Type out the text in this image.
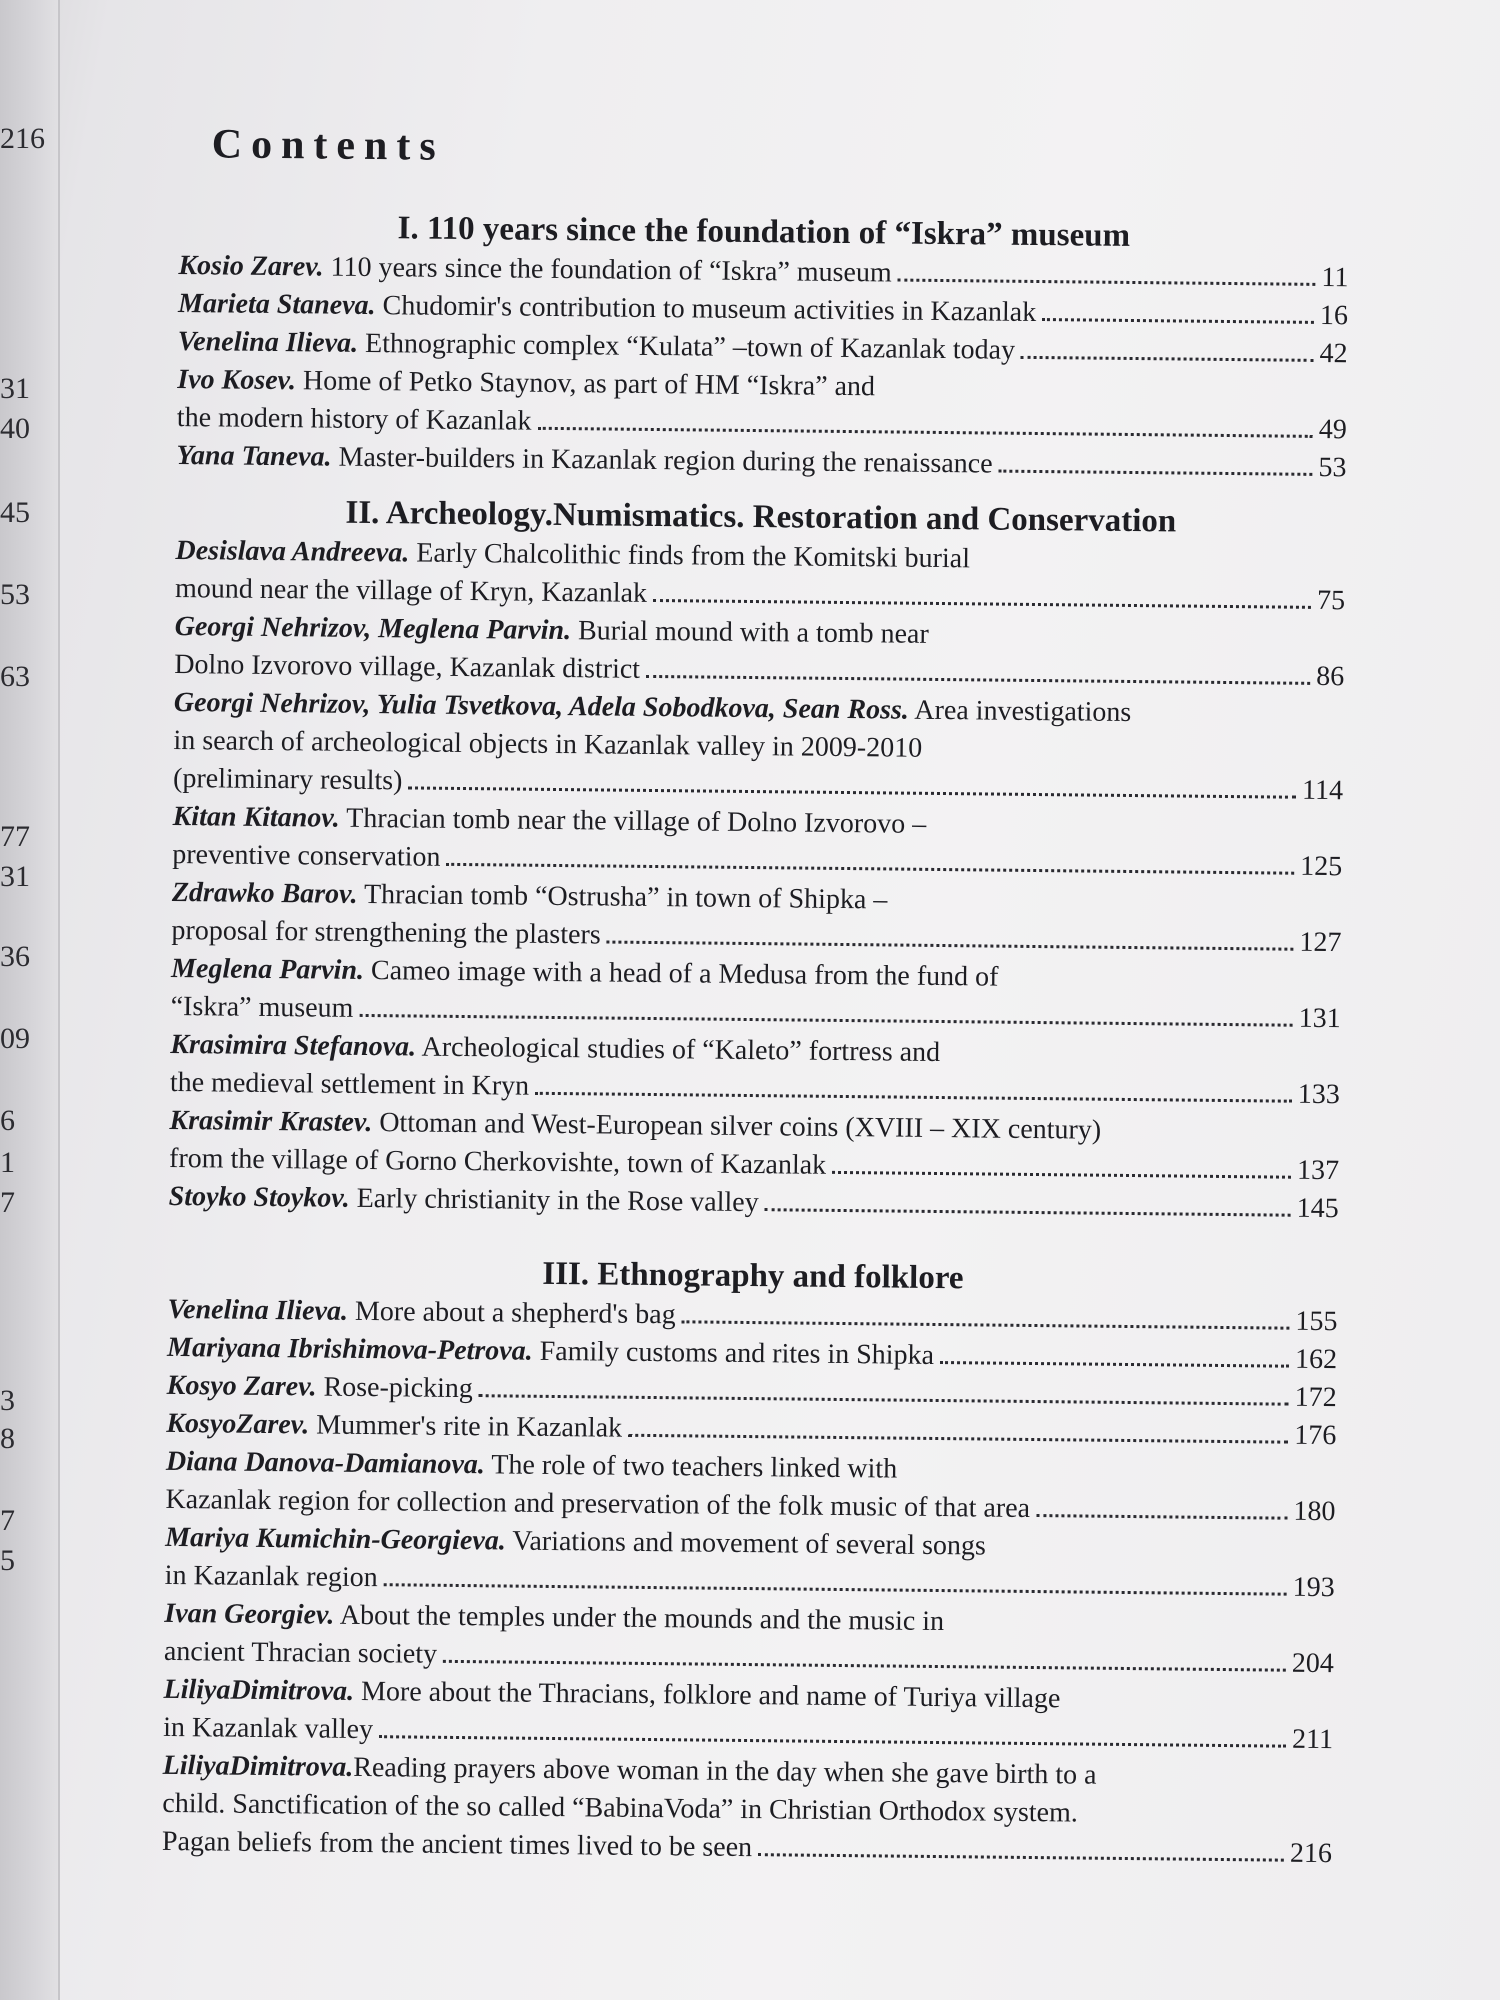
216
31
40
45
53
63
77
31
36
09
6
1
7
3
8
7
5
Contents
I. 110 years since the foundation of “Iskra” museum
Kosio Zarev. 110 years since the foundation of “Iskra” museum	11
Marieta Staneva. Chudomir's contribution to museum activities in Kazanlak	16
Venelina Ilieva. Ethnographic complex “Kulata” –town of Kazanlak today	42
Ivo Kosev. Home of Petko Staynov, as part of HM “Iskra” and
the modern history of Kazanlak	49
Yana Taneva. Master-builders in Kazanlak region during the renaissance	53
II. Archeology.Numismatics. Restoration and Conservation
Desislava Andreeva. Early Chalcolithic finds from the Komitski burial
mound near the village of Kryn, Kazanlak	75
Georgi Nehrizov, Meglena Parvin. Burial mound with a tomb near
Dolno Izvorovo village, Kazanlak district	86
Georgi Nehrizov, Yulia Tsvetkova, Adela Sobodkova, Sean Ross. Area investigations
in search of archeological objects in Kazanlak valley in 2009-2010
(preliminary results)	114
Kitan Kitanov. Thracian tomb near the village of Dolno Izvorovo –
preventive conservation	125
Zdrawko Barov. Thracian tomb “Ostrusha” in town of Shipka –
proposal for strengthening the plasters	127
Meglena Parvin. Cameo image with a head of a Medusa from the fund of
“Iskra” museum	131
Krasimira Stefanova. Archeological studies of “Kaleto” fortress and
the medieval settlement in Kryn	133
Krasimir Krastev. Ottoman and West-European silver coins (XVIII – XIX century)
from the village of Gorno Cherkovishte, town of Kazanlak	137
Stoyko Stoykov. Early christianity in the Rose valley	145
III. Ethnography and folklore
Venelina Ilieva. More about a shepherd's bag	155
Mariyana Ibrishimova-Petrova. Family customs and rites in Shipka	162
Kosyo Zarev. Rose-picking	172
KosyoZarev. Mummer's rite in Kazanlak	176
Diana Danova-Damianova. The role of two teachers linked with
Kazanlak region for collection and preservation of the folk music of that area	180
Mariya Kumichin-Georgieva. Variations and movement of several songs
in Kazanlak region	193
Ivan Georgiev. About the temples under the mounds and the music in
ancient Thracian society	204
LiliyaDimitrova. More about the Thracians, folklore and name of Turiya village
in Kazanlak valley	211
LiliyaDimitrova.Reading prayers above woman in the day when she gave birth to a
child. Sanctification of the so called “BabinaVoda” in Christian Orthodox system.
Pagan beliefs from the ancient times lived to be seen	216
